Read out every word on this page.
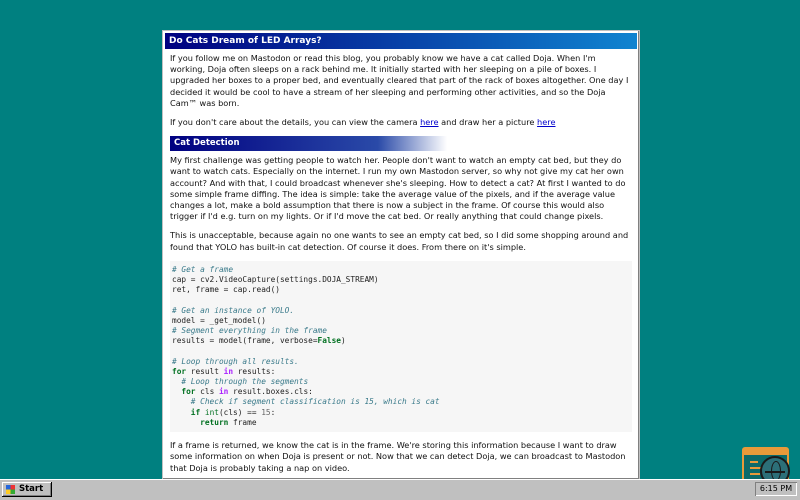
Do Cats Dream of LED Arrays?

If you follow me on Mastodon or read this blog, you probably know we have a cat called Doja. When I'm working, Doja often sleeps on a rack behind me. It initially started with her sleeping on a pile of boxes. I upgraded her boxes to a proper bed, and eventually cleared that part of the rack of boxes altogether. One day I decided it would be cool to have a stream of her sleeping and performing other activities, and so the Doja Cam™ was born.

If you don't care about the details, you can view the camera here and draw her a picture here

Cat Detection

My first challenge was getting people to watch her. People don't want to watch an empty cat bed, but they do want to watch cats. Especially on the internet. I run my own Mastodon server, so why not give my cat her own account? And with that, I could broadcast whenever she's sleeping. How to detect a cat? At first I wanted to do some simple frame diffing. The idea is simple: take the average value of the pixels, and if the average value changes a lot, make a bold assumption that there is now a subject in the frame. Of course this would also trigger if I'd e.g. turn on my lights. Or if I'd move the cat bed. Or really anything that could change pixels.

This is unacceptable, because again no one wants to see an empty cat bed, so I did some shopping around and found that YOLO has built-in cat detection. Of course it does. From there on it's simple.

# Get a frame
cap = cv2.VideoCapture(settings.DOJA_STREAM)
ret, frame = cap.read()

# Get an instance of YOLO.
model = _get_model()
# Segment everything in the frame
results = model(frame, verbose=False)

# Loop through all results.
for result in results:
# Loop through the segments
for cls in result.boxes.cls:
# Check if segment classification is 15, which is cat
if int(cls) == 15:
return frame

If a frame is returned, we know the cat is in the frame. We're storing this information because I want to draw some information on when Doja is present or not. Now that we can detect Doja, we can broadcast to Mastodon that Doja is probably taking a nap on video.

Start	6:15 PM
